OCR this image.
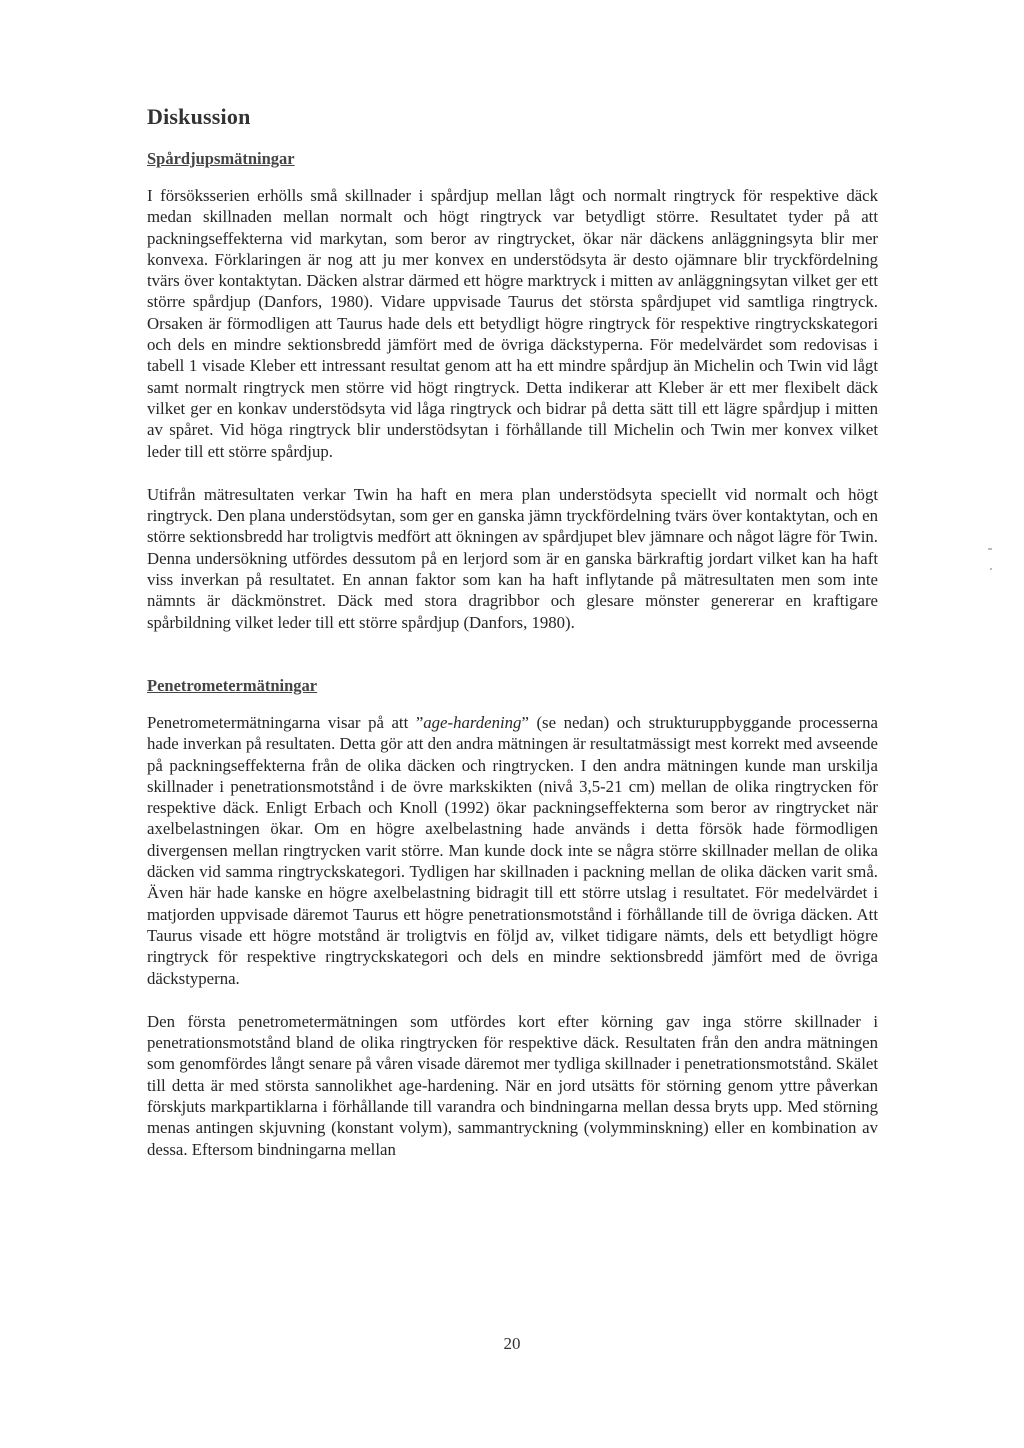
Diskussion
Spårdjupsmätningar

I försöksserien erhölls små skillnader i spårdjup mellan lågt och normalt ringtryck för respektive däck medan skillnaden mellan normalt och högt ringtryck var betydligt större. Resultatet tyder på att packningseffekterna vid markytan, som beror av ringtrycket, ökar när däckens anläggningsyta blir mer konvexa. Förklaringen är nog att ju mer konvex en understödsyta är desto ojämnare blir tryckfördelning tvärs över kontaktytan. Däcken alstrar därmed ett högre marktryck i mitten av anläggningsytan vilket ger ett större spårdjup (Danfors, 1980). Vidare uppvisade Taurus det största spårdjupet vid samtliga ringtryck. Orsaken är förmodligen att Taurus hade dels ett betydligt högre ringtryck för respektive ringtryckskategori och dels en mindre sektionsbredd jämfört med de övriga däckstyperna. För medelvärdet som redovisas i tabell 1 visade Kleber ett intressant resultat genom att ha ett mindre spårdjup än Michelin och Twin vid lågt samt normalt ringtryck men större vid högt ringtryck. Detta indikerar att Kleber är ett mer flexibelt däck vilket ger en konkav understödsyta vid låga ringtryck och bidrar på detta sätt till ett lägre spårdjup i mitten av spåret. Vid höga ringtryck blir understödsytan i förhållande till Michelin och Twin mer konvex vilket leder till ett större spårdjup.

Utifrån mätresultaten verkar Twin ha haft en mera plan understödsyta speciellt vid normalt och högt ringtryck. Den plana understödsytan, som ger en ganska jämn tryckfördelning tvärs över kontaktytan, och en större sektionsbredd har troligtvis medfört att ökningen av spårdjupet blev jämnare och något lägre för Twin. Denna undersökning utfördes dessutom på en lerjord som är en ganska bärkraftig jordart vilket kan ha haft viss inverkan på resultatet. En annan faktor som kan ha haft inflytande på mätresultaten men som inte nämnts är däckmönstret. Däck med stora dragribbor och glesare mönster genererar en kraftigare spårbildning vilket leder till ett större spårdjup (Danfors, 1980).

Penetrometermätningar

Penetrometermätningarna visar på att ”age-hardening” (se nedan) och strukturuppbyggande processerna hade inverkan på resultaten. Detta gör att den andra mätningen är resultatmässigt mest korrekt med avseende på packningseffekterna från de olika däcken och ringtrycken. I den andra mätningen kunde man urskilja skillnader i penetrationsmotstånd i de övre markskikten (nivå 3,5-21 cm) mellan de olika ringtrycken för respektive däck. Enligt Erbach och Knoll (1992) ökar packningseffekterna som beror av ringtrycket när axelbelastningen ökar. Om en högre axelbelastning hade används i detta försök hade förmodligen divergensen mellan ringtrycken varit större. Man kunde dock inte se några större skillnader mellan de olika däcken vid samma ringtryckskategori. Tydligen har skillnaden i packning mellan de olika däcken varit små. Även här hade kanske en högre axelbelastning bidragit till ett större utslag i resultatet. För medelvärdet i matjorden uppvisade däremot Taurus ett högre penetrationsmotstånd i förhållande till de övriga däcken. Att Taurus visade ett högre motstånd är troligtvis en följd av, vilket tidigare nämts, dels ett betydligt högre ringtryck för respektive ringtryckskategori och dels en mindre sektionsbredd jämfört med de övriga däckstyperna.

Den första penetrometermätningen som utfördes kort efter körning gav inga större skillnader i penetrationsmotstånd bland de olika ringtrycken för respektive däck. Resultaten från den andra mätningen som genomfördes långt senare på våren visade däremot mer tydliga skillnader i penetrationsmotstånd. Skälet till detta är med största sannolikhet age-hardening. När en jord utsätts för störning genom yttre påverkan förskjuts markpartiklarna i förhållande till varandra och bindningarna mellan dessa bryts upp. Med störning menas antingen skjuvning (konstant volym), sammantryckning (volymminskning) eller en kombination av dessa. Eftersom bindningarna mellan

20
